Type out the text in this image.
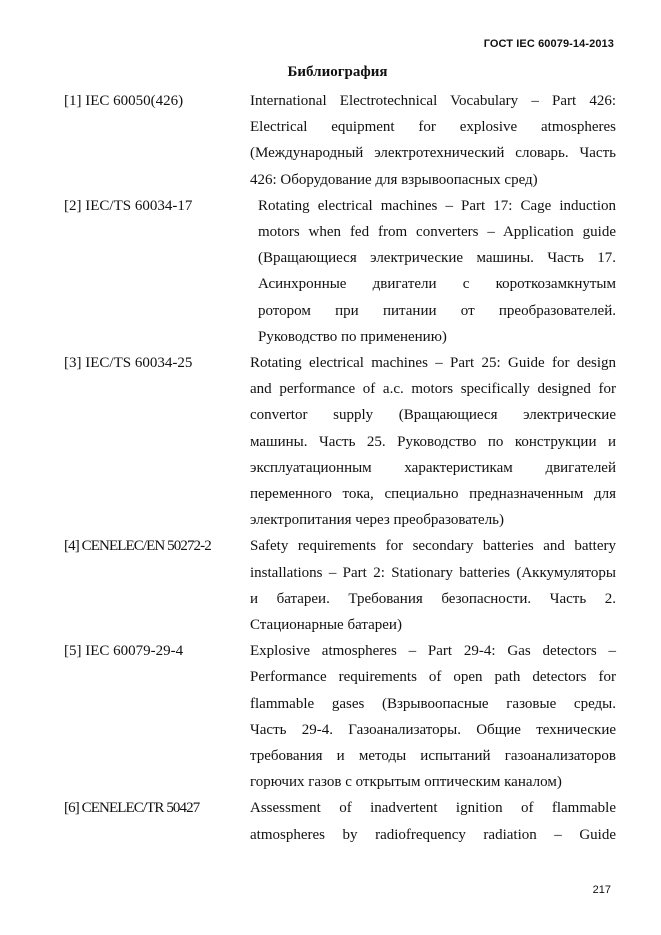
ГОСТ IEC 60079-14-2013
Библиография
[1] IEC 60050(426)	International Electrotechnical Vocabulary – Part 426:
Electrical equipment for explosive atmospheres
(Международный электротехнический словарь. Часть
426: Оборудование для взрывоопасных сред)
[2] IEC/TS 60034-17	Rotating electrical machines – Part 17: Cage induction
motors when fed from converters – Application guide
(Вращающиеся электрические машины. Часть 17.
Асинхронные двигатели с короткозамкнутым
ротором при питании от преобразователей.
Руководство по применению)
[3] IEC/TS 60034-25	Rotating electrical machines – Part 25: Guide for design
and performance of a.c. motors specifically designed for
convertor supply (Вращающиеся электрические
машины. Часть 25. Руководство по конструкции и
эксплуатационным характеристикам двигателей
переменного тока, специально предназначенным для
электропитания через преобразователь)
[4] CENELEC/EN 50272-2	Safety requirements for secondary batteries and battery
installations – Part 2: Stationary batteries (Аккумуляторы
и батареи. Требования безопасности. Часть 2.
Стационарные батареи)
[5] IEC 60079-29-4	Explosive atmospheres – Part 29-4: Gas detectors –
Performance requirements of open path detectors for
flammable gases (Взрывоопасные газовые среды.
Часть 29-4. Газоанализаторы. Общие технические
требования и методы испытаний газоанализаторов
горючих газов с открытым оптическим каналом)
[6] CENELEC/TR 50427	Assessment of inadvertent ignition of flammable
atmospheres by radiofrequency radiation – Guide
217
